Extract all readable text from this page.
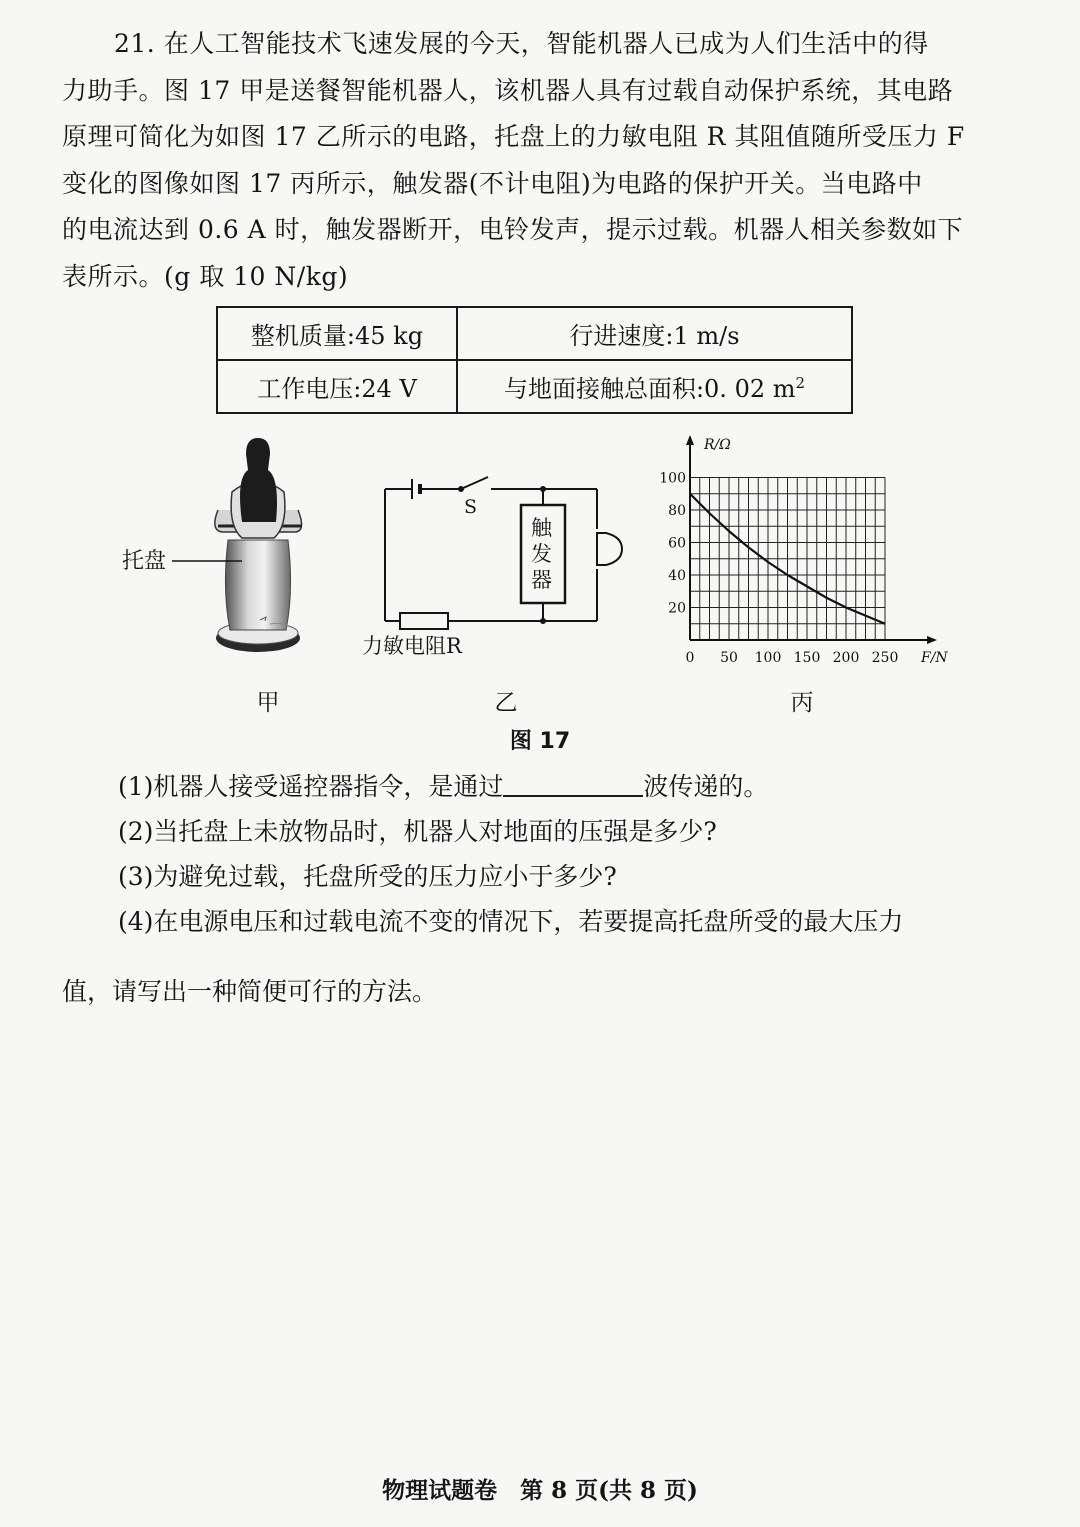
21. 在人工智能技术飞速发展的今天，智能机器人已成为人们生活中的得

力助手。图 17 甲是送餐智能机器人，该机器人具有过载自动保护系统，其电路

原理可简化为如图 17 乙所示的电路，托盘上的力敏电阻 R 其阻值随所受压力 F

变化的图像如图 17 丙所示，触发器(不计电阻)为电路的保护开关。当电路中

的电流达到 0.6 A 时，触发器断开，电铃发声，提示过载。机器人相关参数如下

表所示。(g 取 10 N/kg)

整机质量:45 kg	行进速度:1 m/s
工作电压:24 V	与地面接触总面积:0. 02 $m^2$
托盘
S
触
发
器
力敏电阻R
R/Ω
F/N
0 50 100 150 200 250
20
40
60
80
100
甲	乙	丙
图 17

(1)机器人接受遥控器指令，是通过	波传递的。

(2)当托盘上未放物品时，机器人对地面的压强是多少?

(3)为避免过载，托盘所受的压力应小于多少?

(4)在电源电压和过载电流不变的情况下，若要提高托盘所受的最大压力

值，请写出一种简便可行的方法。

物理试题卷　第 8 页(共 8 页)
